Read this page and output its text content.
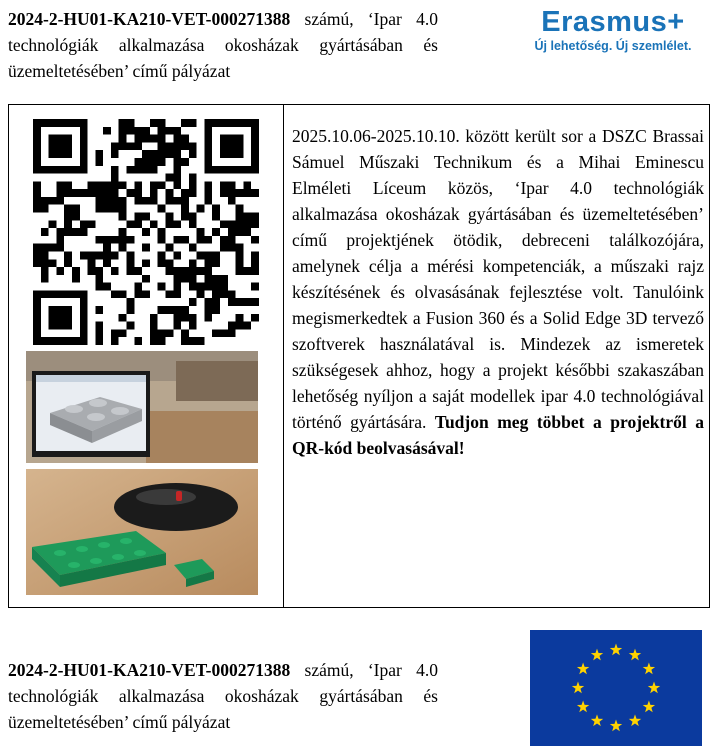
2024-2-HU01-KA210-VET-000271388 számú, ‘Ipar 4.0 technológiák alkalmazása okosházak gyártásában és üzemeltetésében’ című pályázat
Erasmus+
Új lehetőség. Új szemlélet.
2025.10.06-2025.10.10. között került sor a DSZC Brassai Sámuel Műszaki Technikum és a Mihai Eminescu Elméleti Líceum közös, ‘Ipar 4.0 technológiák alkalmazása okosházak gyártásában és üzemeltetésében’ című projektjének ötödik, debreceni találkozójára, amelynek célja a mérési kompetenciák, a műszaki rajz készítésének és olvasásának fejlesztése volt. Tanulóink megismerkedtek a Fusion 360 és a Solid Edge 3D tervező szoftverek használatával is. Mindezek az ismeretek szükségesek ahhoz, hogy a projekt későbbi szakaszában lehetőség nyíljon a saját modellek ipar 4.0 technológiával történő gyártására. Tudjon meg többet a projektről a QR-kód beolvasásával!
2024-2-HU01-KA210-VET-000271388 számú, ‘Ipar 4.0 technológiák alkalmazása okosházak gyártásában és üzemeltetésében’ című pályázat
